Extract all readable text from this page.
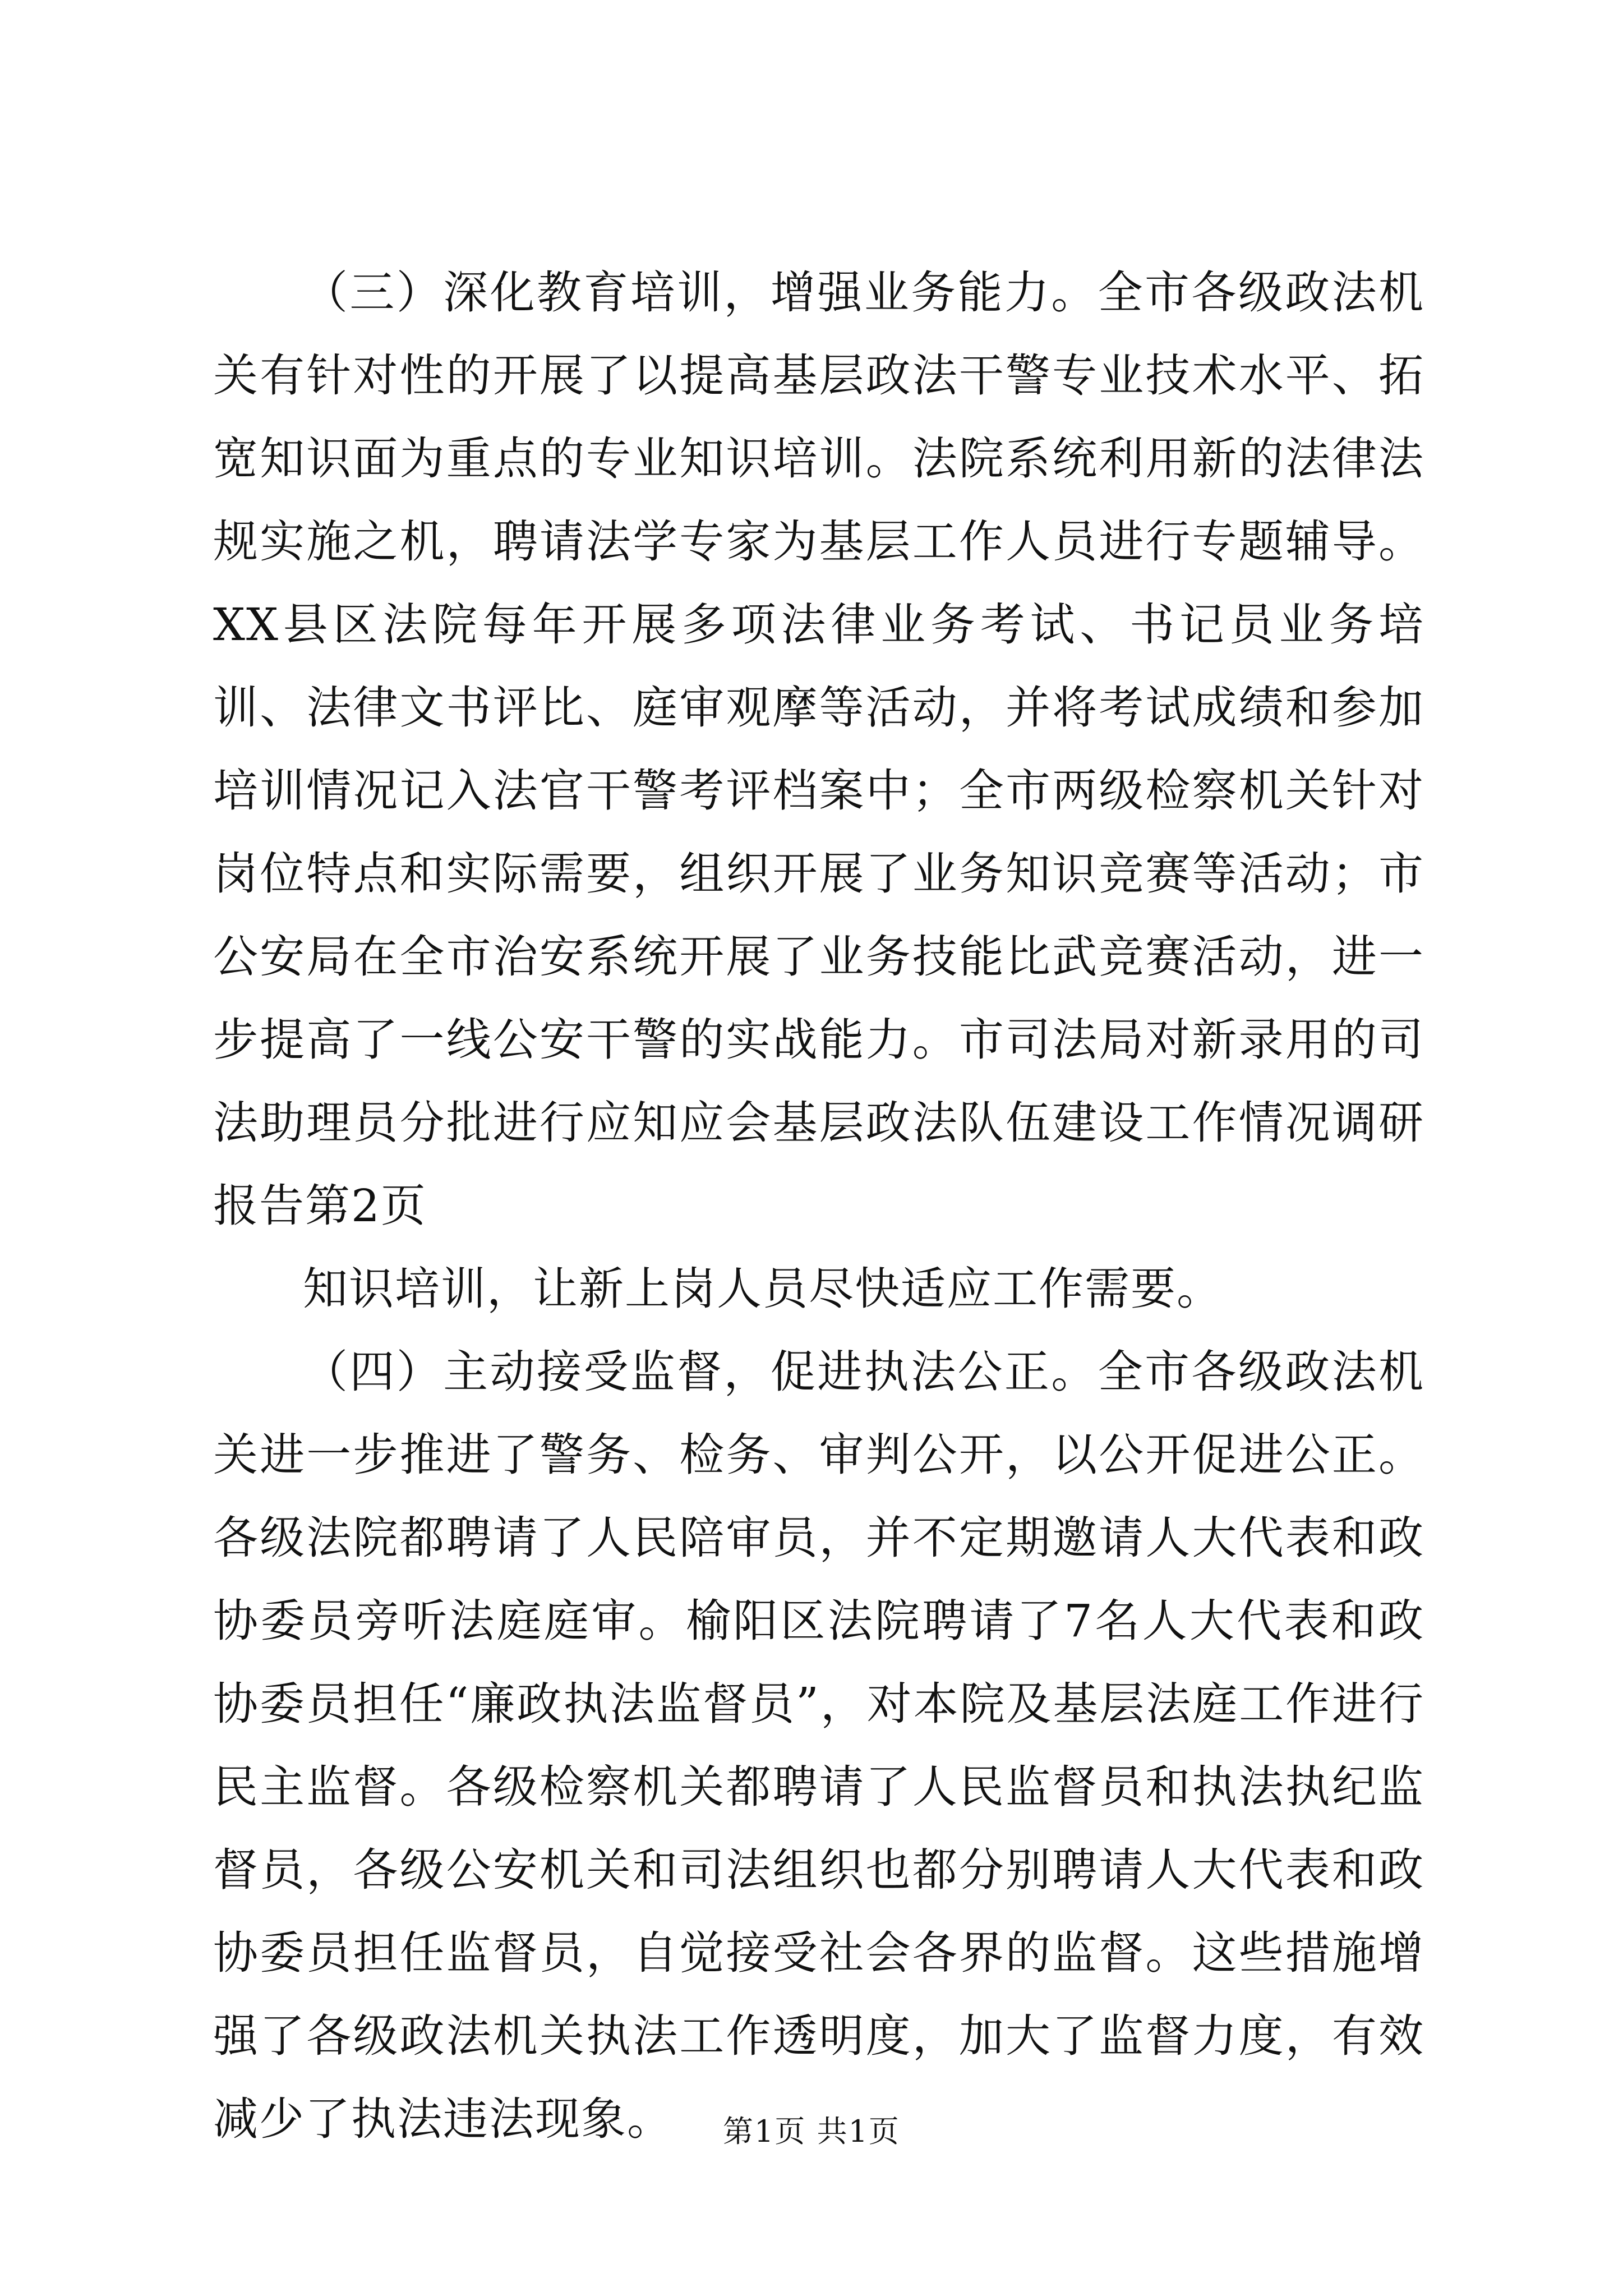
（三）深化教育培训，增强业务能力。全市各级政法机关有针对性的开展了以提高基层政法干警专业技术水平、拓宽知识面为重点的专业知识培训。法院系统利用新的法律法规实施之机，聘请法学专家为基层工作人员进行专题辅导。XX县区法院每年开展多项法律业务考试、书记员业务培训、法律文书评比、庭审观摩等活动，并将考试成绩和参加培训情况记入法官干警考评档案中；全市两级检察机关针对岗位特点和实际需要，组织开展了业务知识竞赛等活动；市公安局在全市治安系统开展了业务技能比武竞赛活动，进一步提高了一线公安干警的实战能力。市司法局对新录用的司法助理员分批进行应知应会基层政法队伍建设工作情况调研报告第2页

知识培训，让新上岗人员尽快适应工作需要。

（四）主动接受监督，促进执法公正。全市各级政法机关进一步推进了警务、检务、审判公开，以公开促进公正。各级法院都聘请了人民陪审员，并不定期邀请人大代表和政协委员旁听法庭庭审。榆阳区法院聘请了7名人大代表和政协委员担任“廉政执法监督员”，对本院及基层法庭工作进行民主监督。各级检察机关都聘请了人民监督员和执法执纪监督员，各级公安机关和司法组织也都分别聘请人大代表和政协委员担任监督员，自觉接受社会各界的监督。这些措施增强了各级政法机关执法工作透明度，加大了监督力度，有效减少了执法违法现象。	第1页 共1页
